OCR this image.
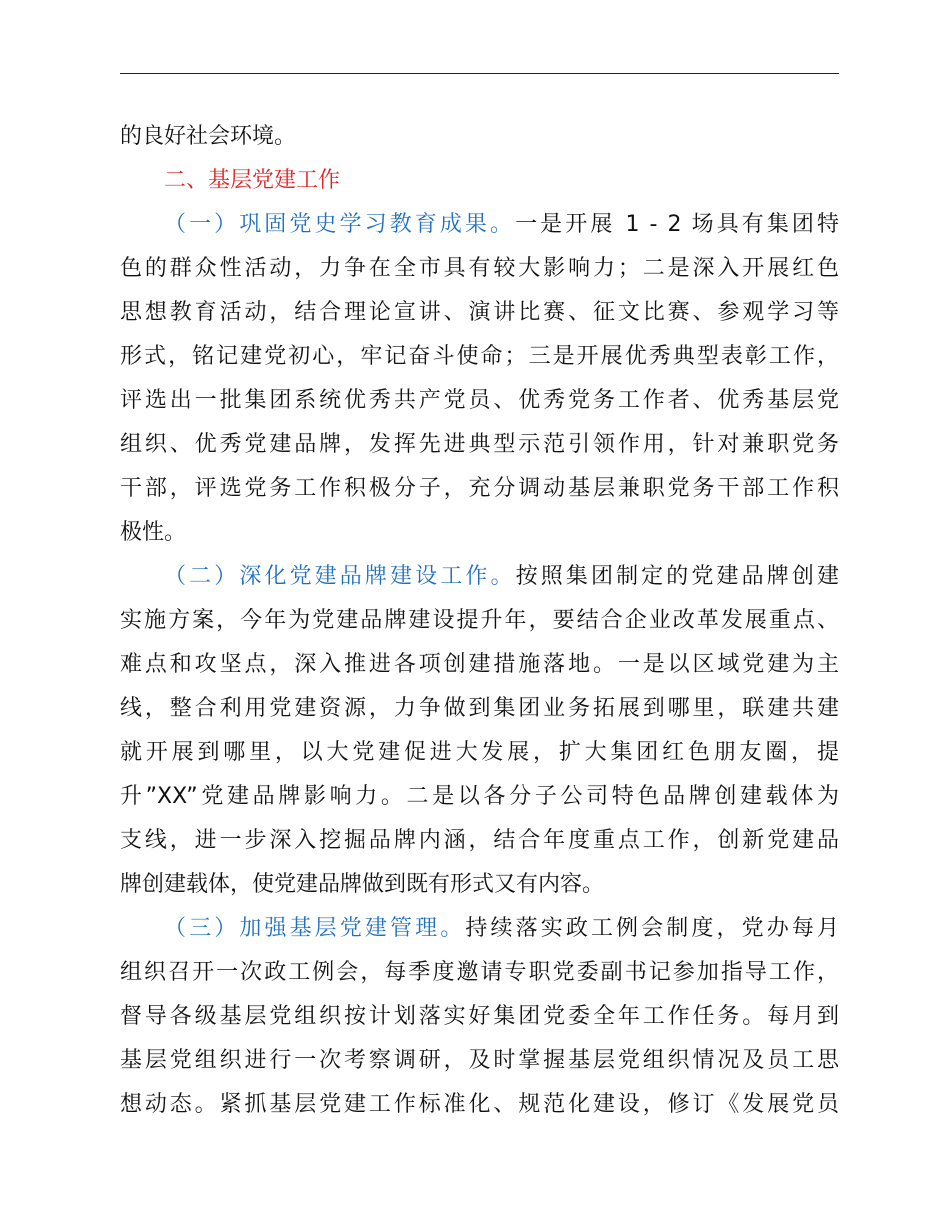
的良好社会环境。
二、基层党建工作
（一）巩固党史学习教育成果。一是开展 1 - 2 场具有集团特
色的群众性活动，力争在全市具有较大影响力；二是深入开展红色
思想教育活动，结合理论宣讲、演讲比赛、征文比赛、参观学习等
形式，铭记建党初心，牢记奋斗使命；三是开展优秀典型表彰工作，
评选出一批集团系统优秀共产党员、优秀党务工作者、优秀基层党
组织、优秀党建品牌，发挥先进典型示范引领作用，针对兼职党务
干部，评选党务工作积极分子，充分调动基层兼职党务干部工作积
极性。
（二）深化党建品牌建设工作。按照集团制定的党建品牌创建
实施方案，今年为党建品牌建设提升年，要结合企业改革发展重点、
难点和攻坚点，深入推进各项创建措施落地。一是以区域党建为主
线，整合利用党建资源，力争做到集团业务拓展到哪里，联建共建
就开展到哪里，以大党建促进大发展，扩大集团红色朋友圈，提
升”XX”党建品牌影响力。二是以各分子公司特色品牌创建载体为
支线，进一步深入挖掘品牌内涵，结合年度重点工作，创新党建品
牌创建载体，使党建品牌做到既有形式又有内容。
（三）加强基层党建管理。持续落实政工例会制度，党办每月
组织召开一次政工例会，每季度邀请专职党委副书记参加指导工作，
督导各级基层党组织按计划落实好集团党委全年工作任务。每月到
基层党组织进行一次考察调研，及时掌握基层党组织情况及员工思
想动态。紧抓基层党建工作标准化、规范化建设，修订《发展党员
